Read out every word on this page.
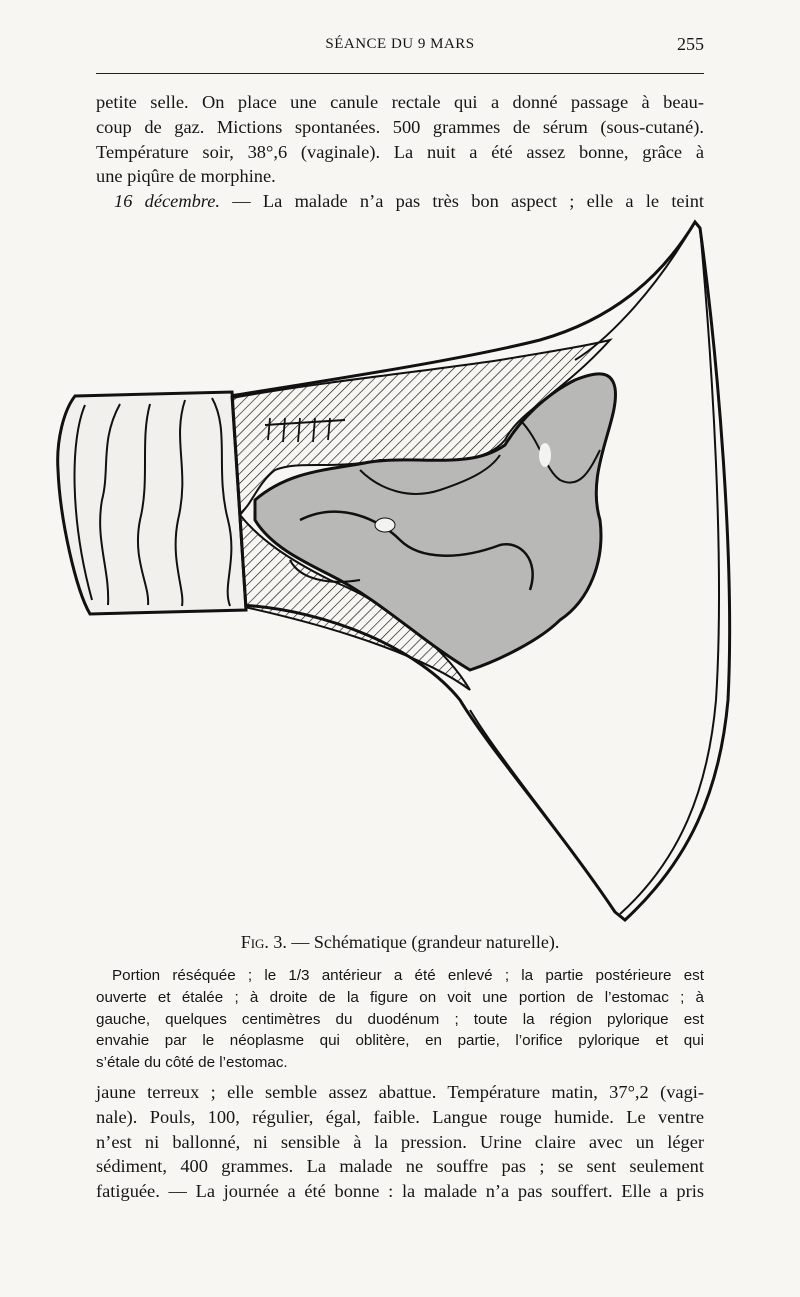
SÉANCE DU 9 MARS	255
petite selle. On place une canule rectale qui a donné passage à beau-
coup de gaz. Mictions spontanées. 500 grammes de sérum (sous-cutané).
Température soir, 38°,6 (vaginale). La nuit a été assez bonne, grâce à
une piqûre de morphine.
16 décembre. — La malade n’a pas très bon aspect ; elle a le teint
Fig. 3. — Schématique (grandeur naturelle).
Portion réséquée ; le 1/3 antérieur a été enlevé ; la partie postérieure est
ouverte et étalée ; à droite de la figure on voit une portion de l’estomac ; à
gauche, quelques centimètres du duodénum ; toute la région pylorique est
envahie par le néoplasme qui oblitère, en partie, l’orifice pylorique et qui
s’étale du côté de l’estomac.
jaune terreux ; elle semble assez abattue. Température matin, 37°,2 (vagi-
nale). Pouls, 100, régulier, égal, faible. Langue rouge humide. Le ventre
n’est ni ballonné, ni sensible à la pression. Urine claire avec un léger
sédiment, 400 grammes. La malade ne souffre pas ; se sent seulement
fatiguée. — La journée a été bonne : la malade n’a pas souffert. Elle a pris
